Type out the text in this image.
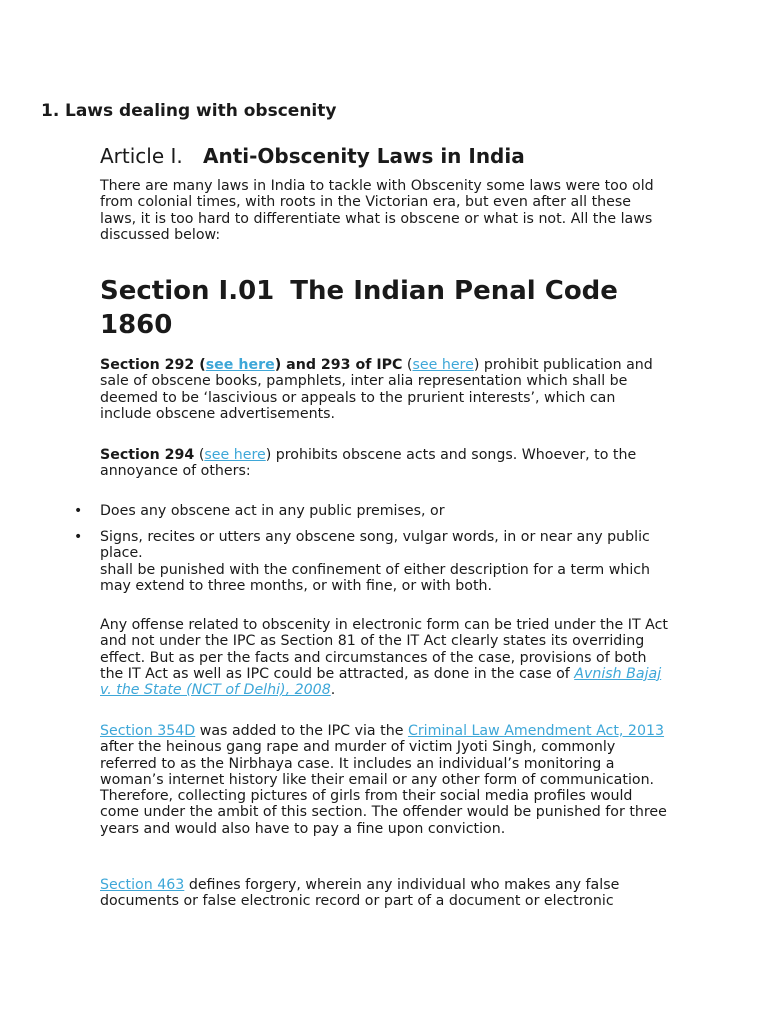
1. Laws dealing with obscenity
Article I. Anti-Obscenity Laws in India

There are many laws in India to tackle with Obscenity some laws were too old from colonial times, with roots in the Victorian era, but even after all these laws, it is too hard to differentiate what is obscene or what is not. All the laws discussed below:

Section I.01 The Indian Penal Code 1860

Section 292 (see here) and 293 of IPC (see here) prohibit publication and sale of obscene books, pamphlets, inter alia representation which shall be deemed to be ‘lascivious or appeals to the prurient interests’, which can include obscene advertisements.

Section 294 (see here) prohibits obscene acts and songs. Whoever, to the annoyance of others:

• Does any obscene act in any public premises, or

• Signs, recites or utters any obscene song, vulgar words, in or near any public place.
shall be punished with the confinement of either description for a term which may extend to three months, or with fine, or with both.

Any offense related to obscenity in electronic form can be tried under the IT Act and not under the IPC as Section 81 of the IT Act clearly states its overriding effect. But as per the facts and circumstances of the case, provisions of both the IT Act as well as IPC could be attracted, as done in the case of Avnish Bajaj v. the State (NCT of Delhi), 2008.

Section 354D was added to the IPC via the Criminal Law Amendment Act, 2013 after the heinous gang rape and murder of victim Jyoti Singh, commonly referred to as the Nirbhaya case. It includes an individual’s monitoring a woman’s internet history like their email or any other form of communication. Therefore, collecting pictures of girls from their social media profiles would come under the ambit of this section. The offender would be punished for three years and would also have to pay a fine upon conviction.

Section 463 defines forgery, wherein any individual who makes any false documents or false electronic record or part of a document or electronic
